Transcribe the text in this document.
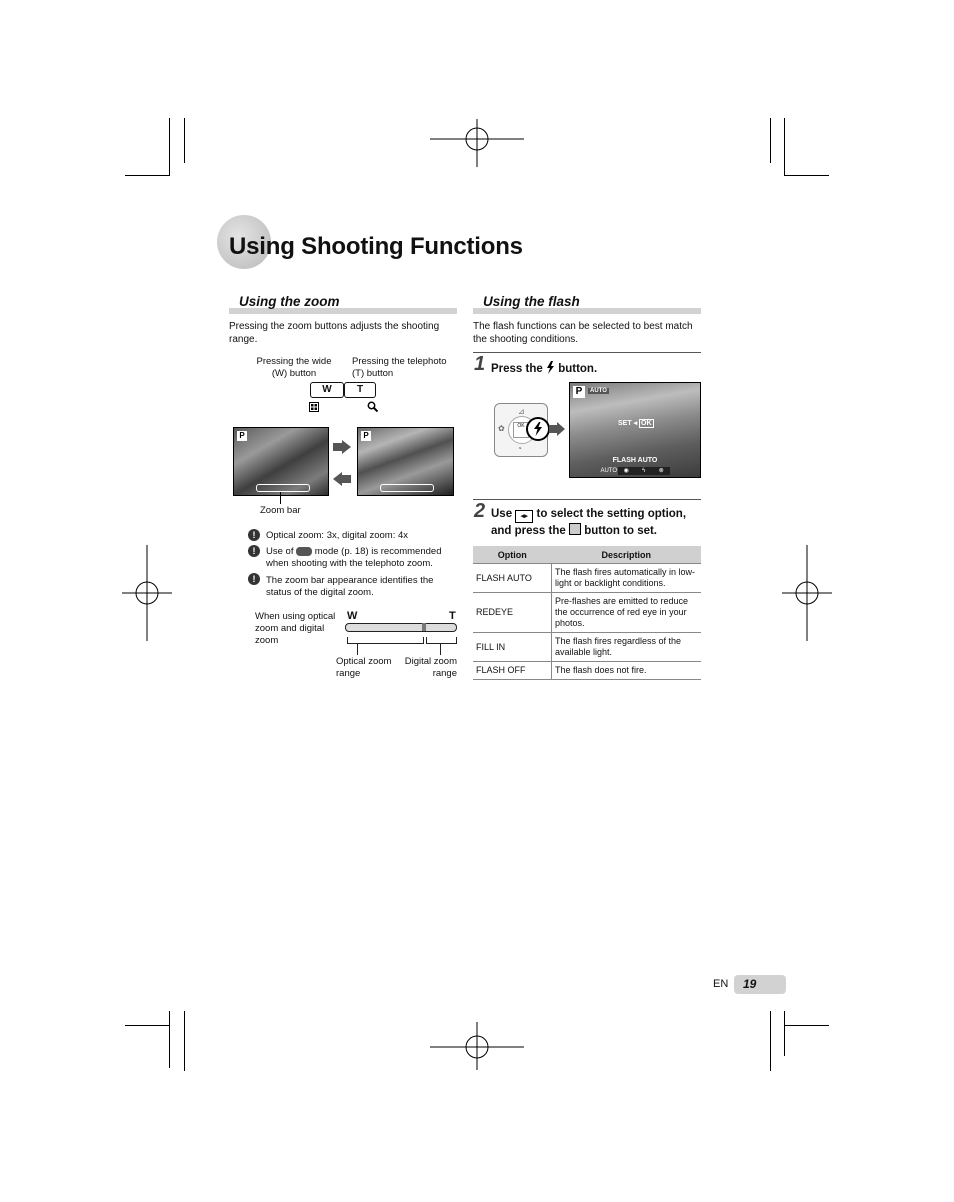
Using Shooting Functions
Using the zoom
Pressing the zoom buttons adjusts the shooting range.
Pressing the wide (W) button
Pressing the telephoto (T) button
W	T
P	P
Zoom bar
!	Optical zoom: 3x, digital zoom: 4x
!	Use of  mode (p. 18) is recommended when shooting with the telephoto zoom.
!	The zoom bar appearance identifies the status of the digital zoom.
When using optical zoom and digital zoom
W	T
Optical zoom range
Digital zoom range
Using the flash
The flash functions can be selected to best match the shooting conditions.
1 Press the button.
OK
⊿
✿
◔
P	AUTO
SET ◂ OK
FLASH AUTO
AUTO	◉	ϟ	⊗
2 Use ◂▸ to select the setting option, and press the button to set.
Option	Description
FLASH AUTO	The flash fires automatically in low-light or backlight conditions.
REDEYE	Pre-flashes are emitted to reduce the occurrence of red eye in your photos.
FILL IN	The flash fires regardless of the available light.
FLASH OFF	The flash does not fire.
EN 19
